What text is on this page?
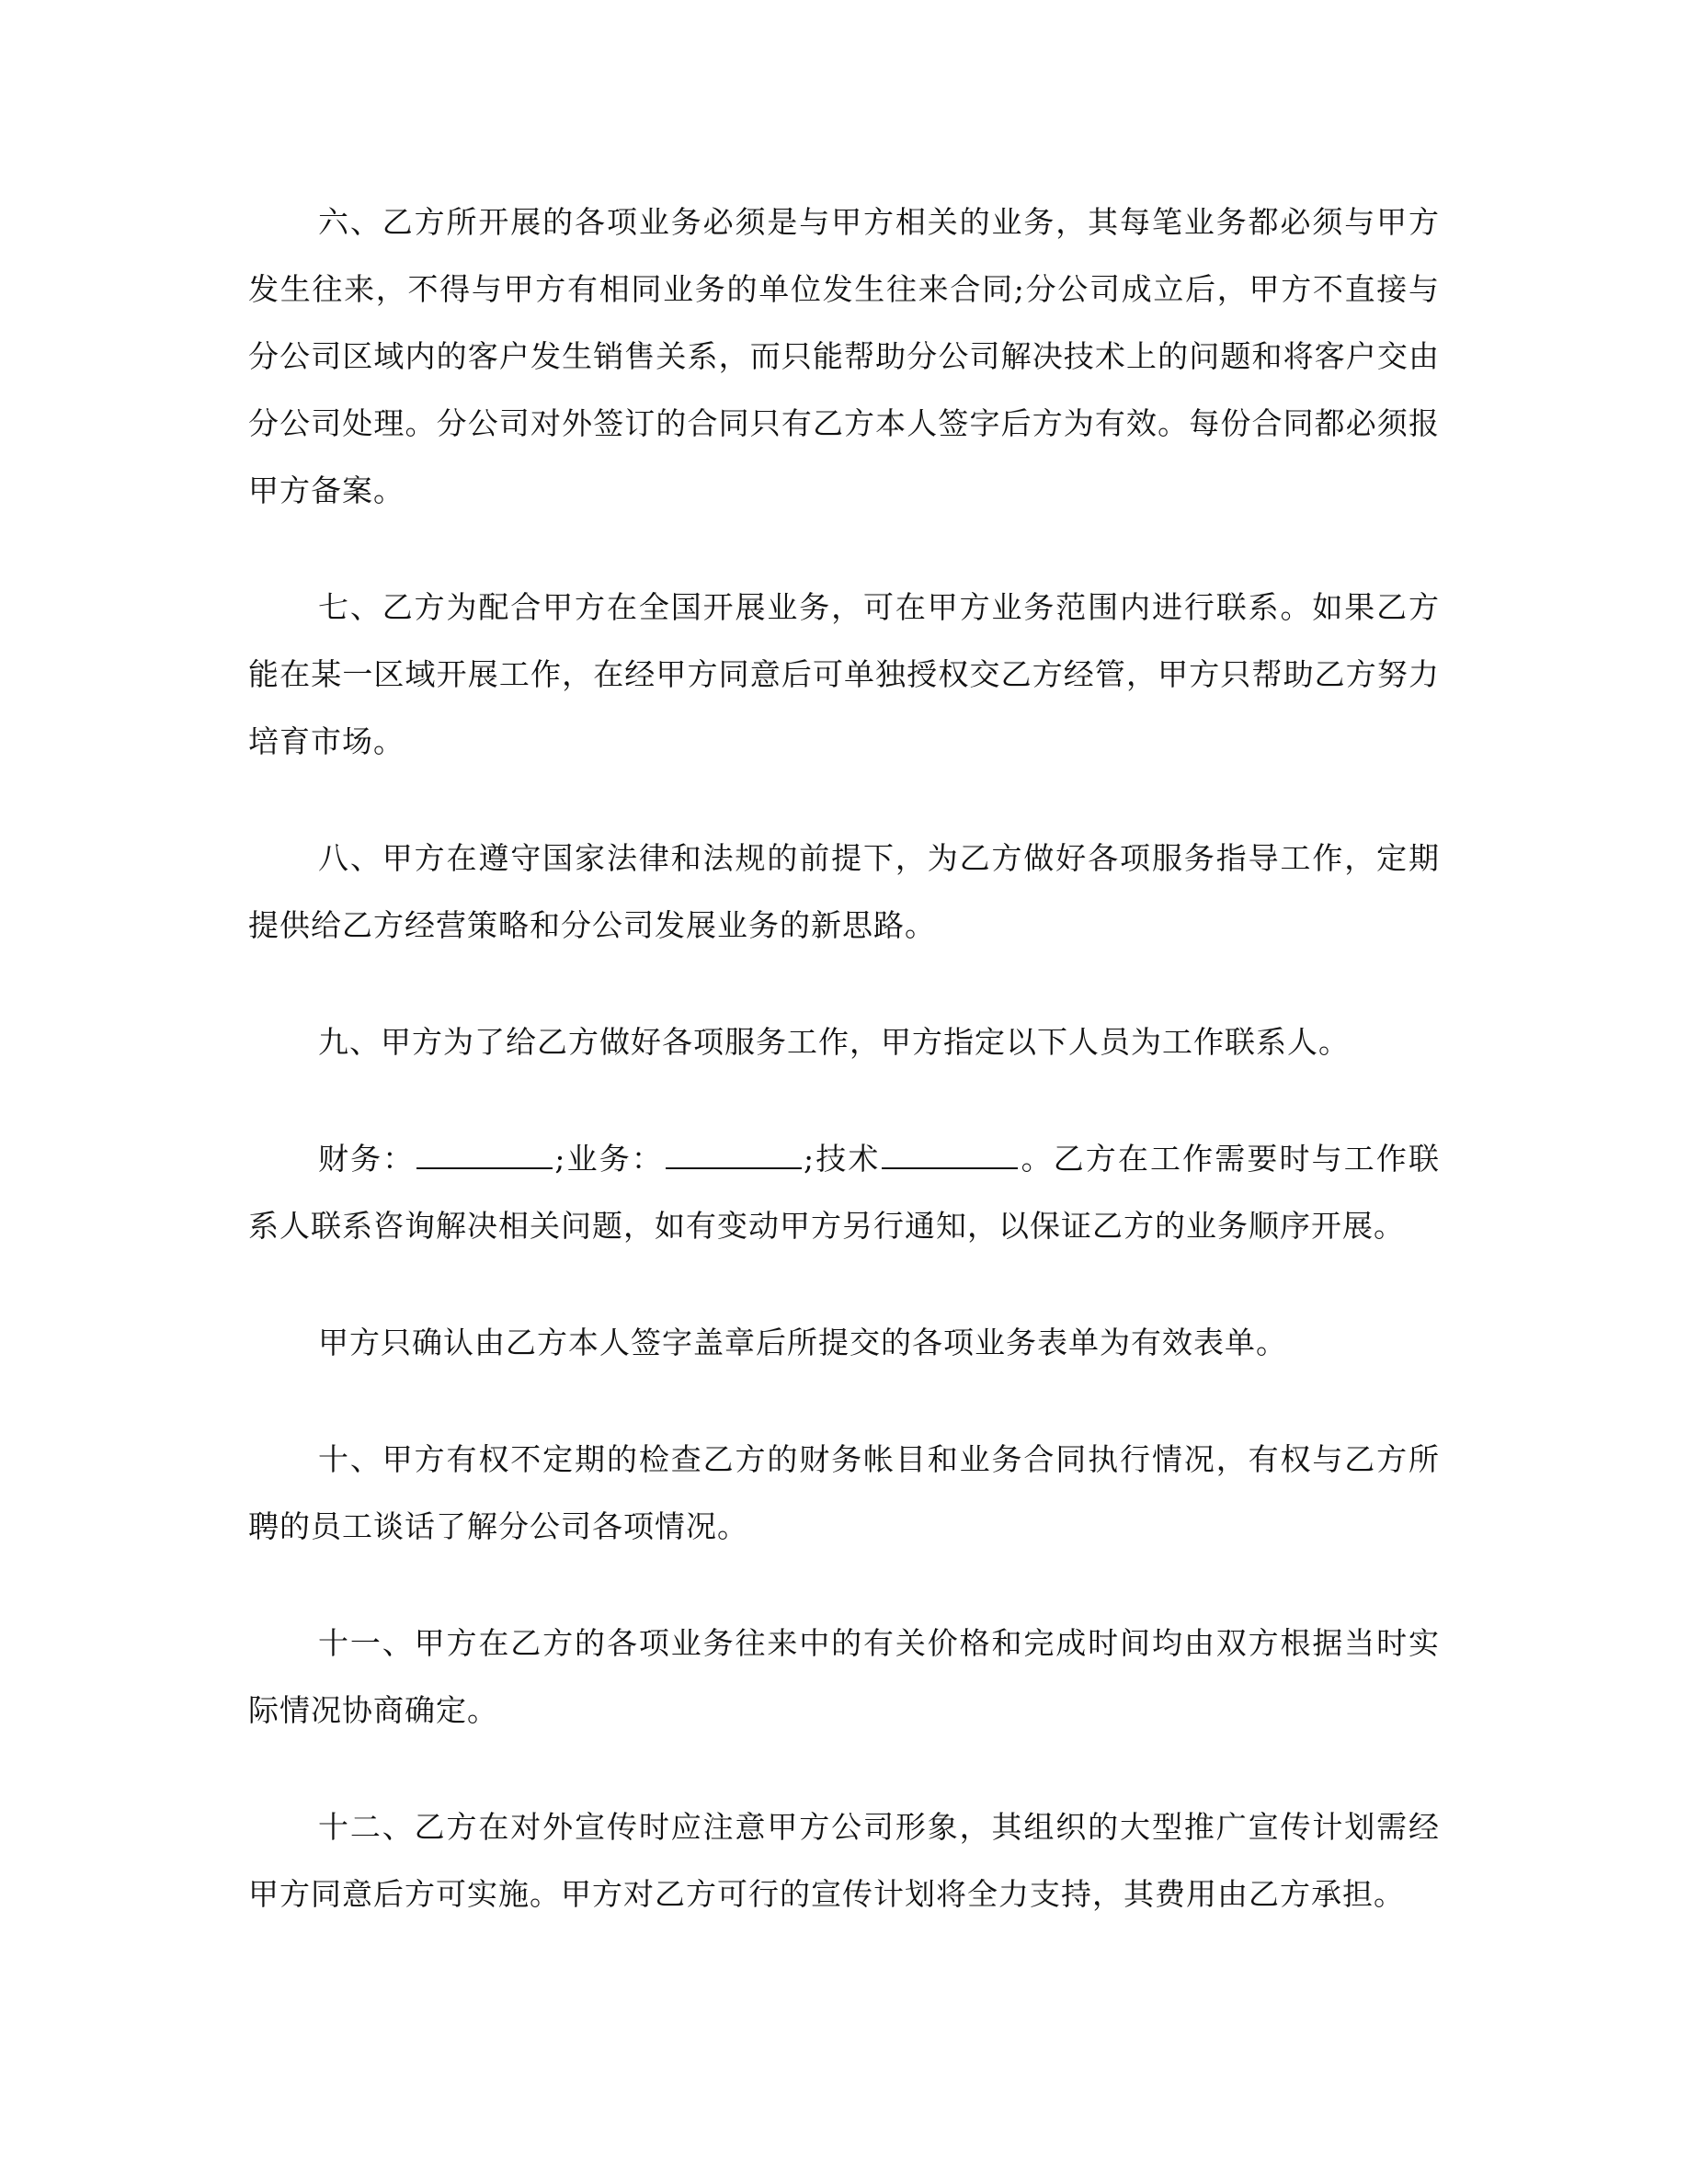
六、乙方所开展的各项业务必须是与甲方相关的业务，其每笔业务都必须与甲方发生往来，不得与甲方有相同业务的单位发生往来合同;分公司成立后，甲方不直接与分公司区域内的客户发生销售关系，而只能帮助分公司解决技术上的问题和将客户交由分公司处理。分公司对外签订的合同只有乙方本人签字后方为有效。每份合同都必须报甲方备案。

七、乙方为配合甲方在全国开展业务，可在甲方业务范围内进行联系。如果乙方能在某一区域开展工作，在经甲方同意后可单独授权交乙方经管，甲方只帮助乙方努力培育市场。

八、甲方在遵守国家法律和法规的前提下，为乙方做好各项服务指导工作，定期提供给乙方经营策略和分公司发展业务的新思路。

九、甲方为了给乙方做好各项服务工作，甲方指定以下人员为工作联系人。

财务：	;业务：	;技术	。乙方在工作需要时与工作联系人联系咨询解决相关问题，如有变动甲方另行通知，以保证乙方的业务顺序开展。

甲方只确认由乙方本人签字盖章后所提交的各项业务表单为有效表单。

十、甲方有权不定期的检查乙方的财务帐目和业务合同执行情况，有权与乙方所聘的员工谈话了解分公司各项情况。

十一、甲方在乙方的各项业务往来中的有关价格和完成时间均由双方根据当时实际情况协商确定。

十二、乙方在对外宣传时应注意甲方公司形象，其组织的大型推广宣传计划需经甲方同意后方可实施。甲方对乙方可行的宣传计划将全力支持，其费用由乙方承担。
